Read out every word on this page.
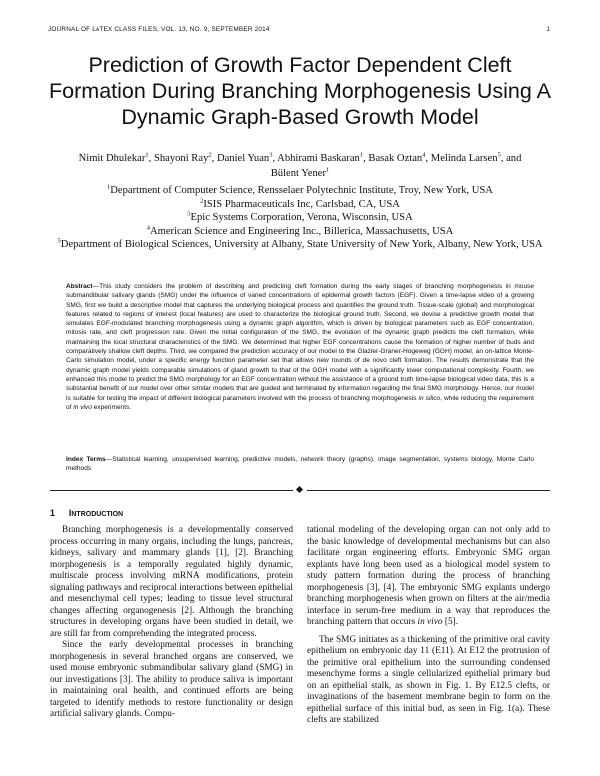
JOURNAL OF LᴀTEX CLASS FILES, VOL. 13, NO. 9, SEPTEMBER 2014	1
Prediction of Growth Factor Dependent Cleft Formation During Branching Morphogenesis Using A Dynamic Graph-Based Growth Model
Nimit Dhulekar$^1$, Shayoni Ray$^2$, Daniel Yuan$^3$, Abhirami Baskaran$^1$, Basak Oztan$^4$, Melinda Larsen$^5$, and
Bülent Yener$^1$
$^1$Department of Computer Science, Rensselaer Polytechnic Institute, Troy, New York, USA
$^2$ISIS Pharmaceuticals Inc, Carlsbad, CA, USA
$^3$Epic Systems Corporation, Verona, Wisconsin, USA
$^4$American Science and Engineering Inc., Billerica, Massachusetts, USA
$^5$Department of Biological Sciences, University at Albany, State University of New York, Albany, New York, USA

Abstract—This study considers the problem of describing and predicting cleft formation during the early stages of branching morphogenesis in mouse submandibular salivary glands (SMG) under the influence of varied concentrations of epidermal growth factors (EGF). Given a time-lapse video of a growing SMG, first we build a descriptive model that captures the underlying biological process and quantifies the ground truth. Tissue-scale (global) and morphological features related to regions of interest (local features) are used to characterize the biological ground truth. Second, we devise a predictive growth model that simulates EGF-modulated branching morphogenesis using a dynamic graph algorithm, which is driven by biological parameters such as EGF concentration, mitosis rate, and cleft progression rate. Given the initial configuration of the SMG, the evolution of the dynamic graph predicts the cleft formation, while maintaining the local structural characteristics of the SMG. We determined that higher EGF concentrations cause the formation of higher number of buds and comparatively shallow cleft depths. Third, we compared the prediction accuracy of our model to the Glazier-Graner-Hogeweg (GGH) model, an on-lattice Monte-Carlo simulation model, under a specific energy function parameter set that allows new rounds of de novo cleft formation. The results demonstrate that the dynamic graph model yields comparable simulations of gland growth to that of the GGH model with a significantly lower computational complexity. Fourth, we enhanced this model to predict the SMG morphology for an EGF concentration without the assistance of a ground truth time-lapse biological video data; this is a substantial benefit of our model over other similar models that are guided and terminated by information regarding the final SMG morphology. Hence, our model is suitable for testing the impact of different biological parameters involved with the process of branching morphogenesis in silico, while reducing the requirement of in vivo experiments.

Index Terms—Statistical learning, unsupervised learning, predictive models, network theory (graphs), image segmentation, systems biology, Monte Carlo methods

1 INTRODUCTION

Branching morphogenesis is a developmentally conserved process occurring in many organs, including the lungs, pancreas, kidneys, salivary and mammary glands [1], [2]. Branching morphogenesis is a temporally regulated highly dynamic, multiscale process involving mRNA modifications, protein signaling pathways and reciprocal interactions between epithelial and mesenchymal cell types; leading to tissue level structural changes affecting organogenesis [2]. Although the branching structures in developing organs have been studied in detail, we are still far from comprehending the integrated process.

Since the early developmental processes in branching morphogenesis in several branched organs are conserved, we used mouse embryonic submandibular salivary gland (SMG) in our investigations [3]. The ability to produce saliva is important in maintaining oral health, and continued efforts are being targeted to identify methods to restore functionality or design artificial salivary glands. Compu-

tational modeling of the developing organ can not only add to the basic knowledge of developmental mechanisms but can also facilitate organ engineering efforts. Embryonic SMG organ explants have long been used as a biological model system to study pattern formation during the process of branching morphogenesis [3], [4]. The embryonic SMG explants undergo branching morphogenesis when grown on filters at the air/media interface in serum-free medium in a way that reproduces the branching pattern that occurs in vivo [5].

The SMG initiates as a thickening of the primitive oral cavity epithelium on embryonic day 11 (E11). At E12 the protrusion of the primitive oral epithelium into the surrounding condensed mesenchyme forms a single cellularized epithelial primary bud on an epithelial stalk, as shown in Fig. 1. By E12.5 clefts, or invaginations of the basement membrane begin to form on the epithelial surface of this initial bud, as seen in Fig. 1(a). These clefts are stabilized
